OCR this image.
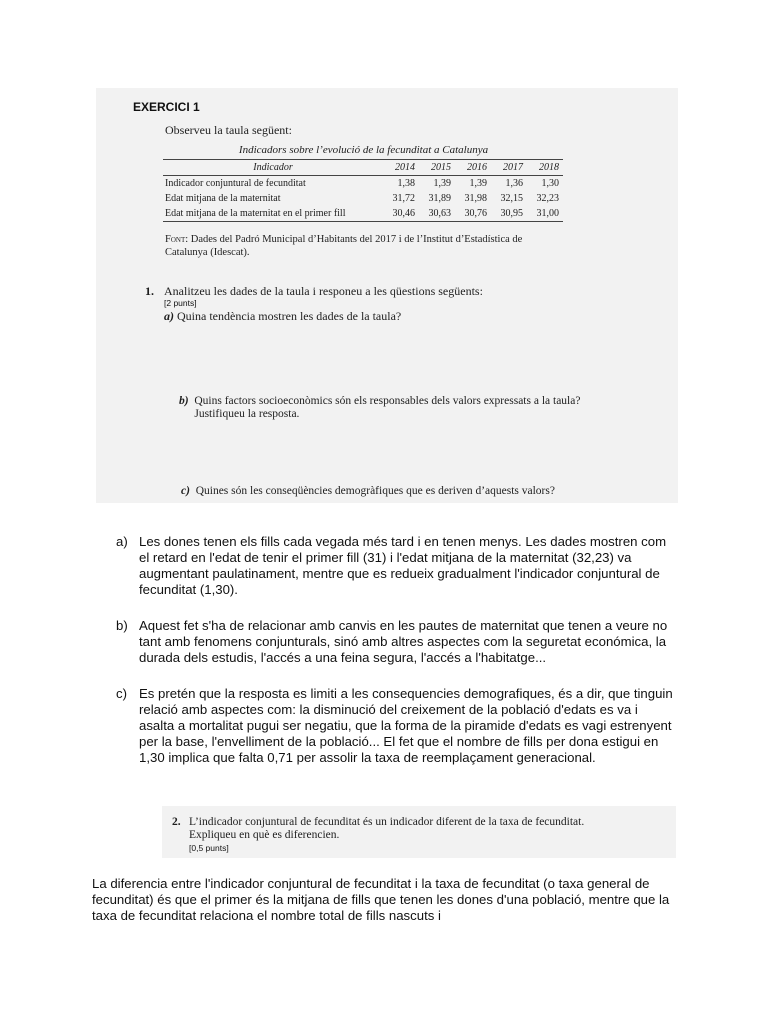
EXERCICI 1

Observeu la taula següent:

Indicadors sobre l’evolució de la fecunditat a Catalunya

Indicador	2014	2015	2016	2017	2018
Indicador conjuntural de fecunditat	1,38	1,39	1,39	1,36	1,30
Edat mitjana de la maternitat	31,72	31,89	31,98	32,15	32,23
Edat mitjana de la maternitat en el primer fill	30,46	30,63	30,76	30,95	31,00

Font: Dades del Padró Municipal d’Habitants del 2017 i de l’Institut d’Estadística de Catalunya (Idescat).

1. Analitzeu les dades de la taula i responeu a les qüestions següents:

[2 punts]

a) Quina tendència mostren les dades de la taula?

b) Quins factors socioeconòmics són els responsables dels valors expressats a la taula? Justifiqueu la resposta.

c) Quines són les conseqüències demogràfiques que es deriven d’aquests valors?

a) Les dones tenen els fills cada vegada més tard i en tenen menys. Les dades mostren com el retard en l'edat de tenir el primer fill (31) i l'edat mitjana de la maternitat (32,23) va augmentant paulatinament, mentre que es redueix gradualment l'indicador conjuntural de fecunditat (1,30).
b) Aquest fet s'ha de relacionar amb canvis en les pautes de maternitat que tenen a veure no tant amb fenomens conjunturals, sinó amb altres aspectes com la seguretat económica, la durada dels estudis, l'accés a una feina segura, l'accés a l'habitatge...
c) Es pretén que la resposta es limiti a les consequencies demografiques, és a dir, que tinguin relació amb aspectes com: la disminució del creixement de la població d'edats es va i asalta a mortalitat pugui ser negatiu, que la forma de la piramide d'edats es vagi estrenyent per la base, l'envelliment de la població... El fet que el nombre de fills per dona estigui en 1,30 implica que falta 0,71 per assolir la taxa de reemplaçament generacional.

2. L’indicador conjuntural de fecunditat és un indicador diferent de la taxa de fecunditat. Expliqueu en què es diferencien.

[0,5 punts]

La diferencia entre l'indicador conjuntural de fecunditat i la taxa de fecunditat (o taxa general de fecunditat) és que el primer és la mitjana de fills que tenen les dones d'una població, mentre que la taxa de fecunditat relaciona el nombre total de fills nascuts i
